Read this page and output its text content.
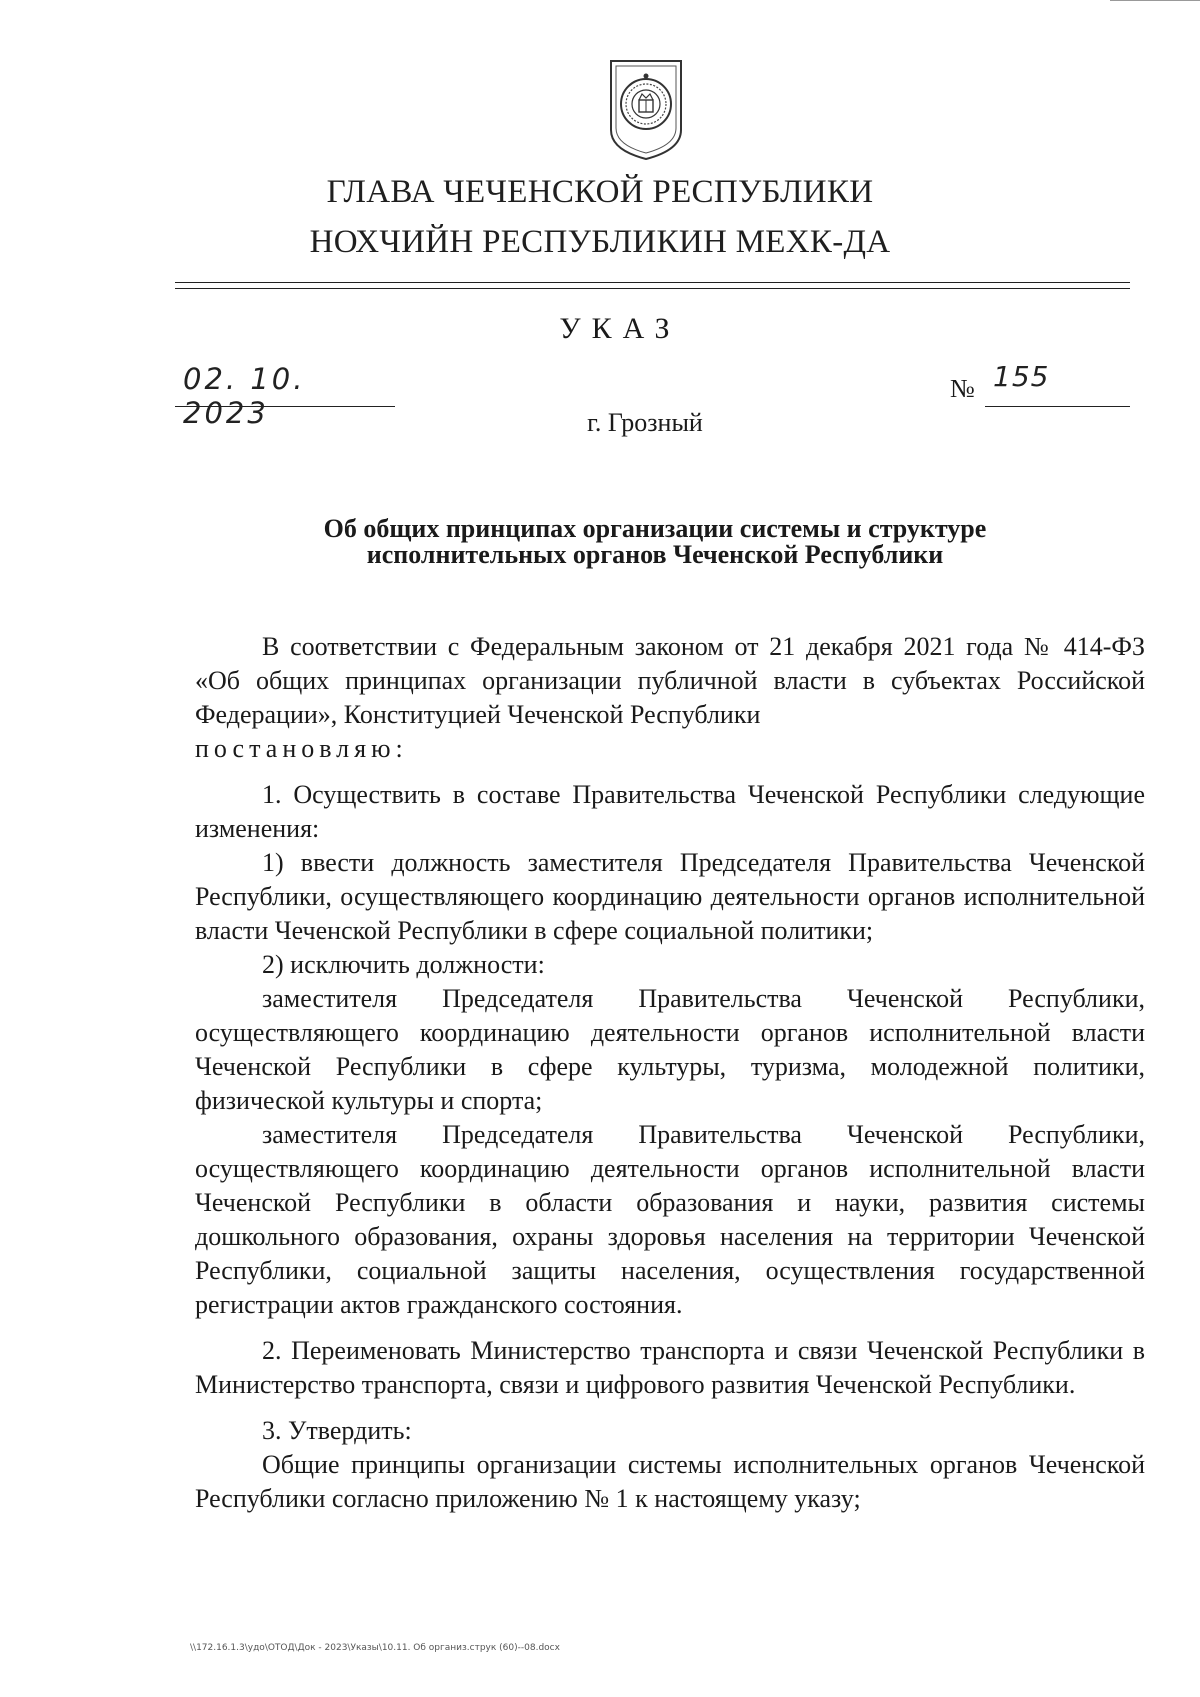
ГЛАВА ЧЕЧЕНСКОЙ РЕСПУБЛИКИ
НОХЧИЙН РЕСПУБЛИКИН МЕХК-ДА
УКАЗ
02. 10. 2023
№ 155
г. Грозный
Об общих принципах организации системы и структуре
исполнительных органов Чеченской Республики

В соответствии с Федеральным законом от 21 декабря 2021 года № 414-ФЗ «Об общих принципах организации публичной власти в субъектах Российской Федерации», Конституцией Чеченской Республики

постановляю:

1. Осуществить в составе Правительства Чеченской Республики следующие изменения:

1) ввести должность заместителя Председателя Правительства Чеченской Республики, осуществляющего координацию деятельности органов исполнительной власти Чеченской Республики в сфере социальной политики;

2) исключить должности:

заместителя Председателя Правительства Чеченской Республики, осуществляющего координацию деятельности органов исполнительной власти Чеченской Республики в сфере культуры, туризма, молодежной политики, физической культуры и спорта;

заместителя Председателя Правительства Чеченской Республики, осуществляющего координацию деятельности органов исполнительной власти Чеченской Республики в области образования и науки, развития системы дошкольного образования, охраны здоровья населения на территории Чеченской Республики, социальной защиты населения, осуществления государственной регистрации актов гражданского состояния.

2. Переименовать Министерство транспорта и связи Чеченской Республики в Министерство транспорта, связи и цифрового развития Чеченской Республики.

3. Утвердить:

Общие принципы организации системы исполнительных органов Чеченской Республики согласно приложению № 1 к настоящему указу;

\\172.16.1.3\удо\ОТОД\Док - 2023\Указы\10.11. Об организ.струк (60)--08.docx
